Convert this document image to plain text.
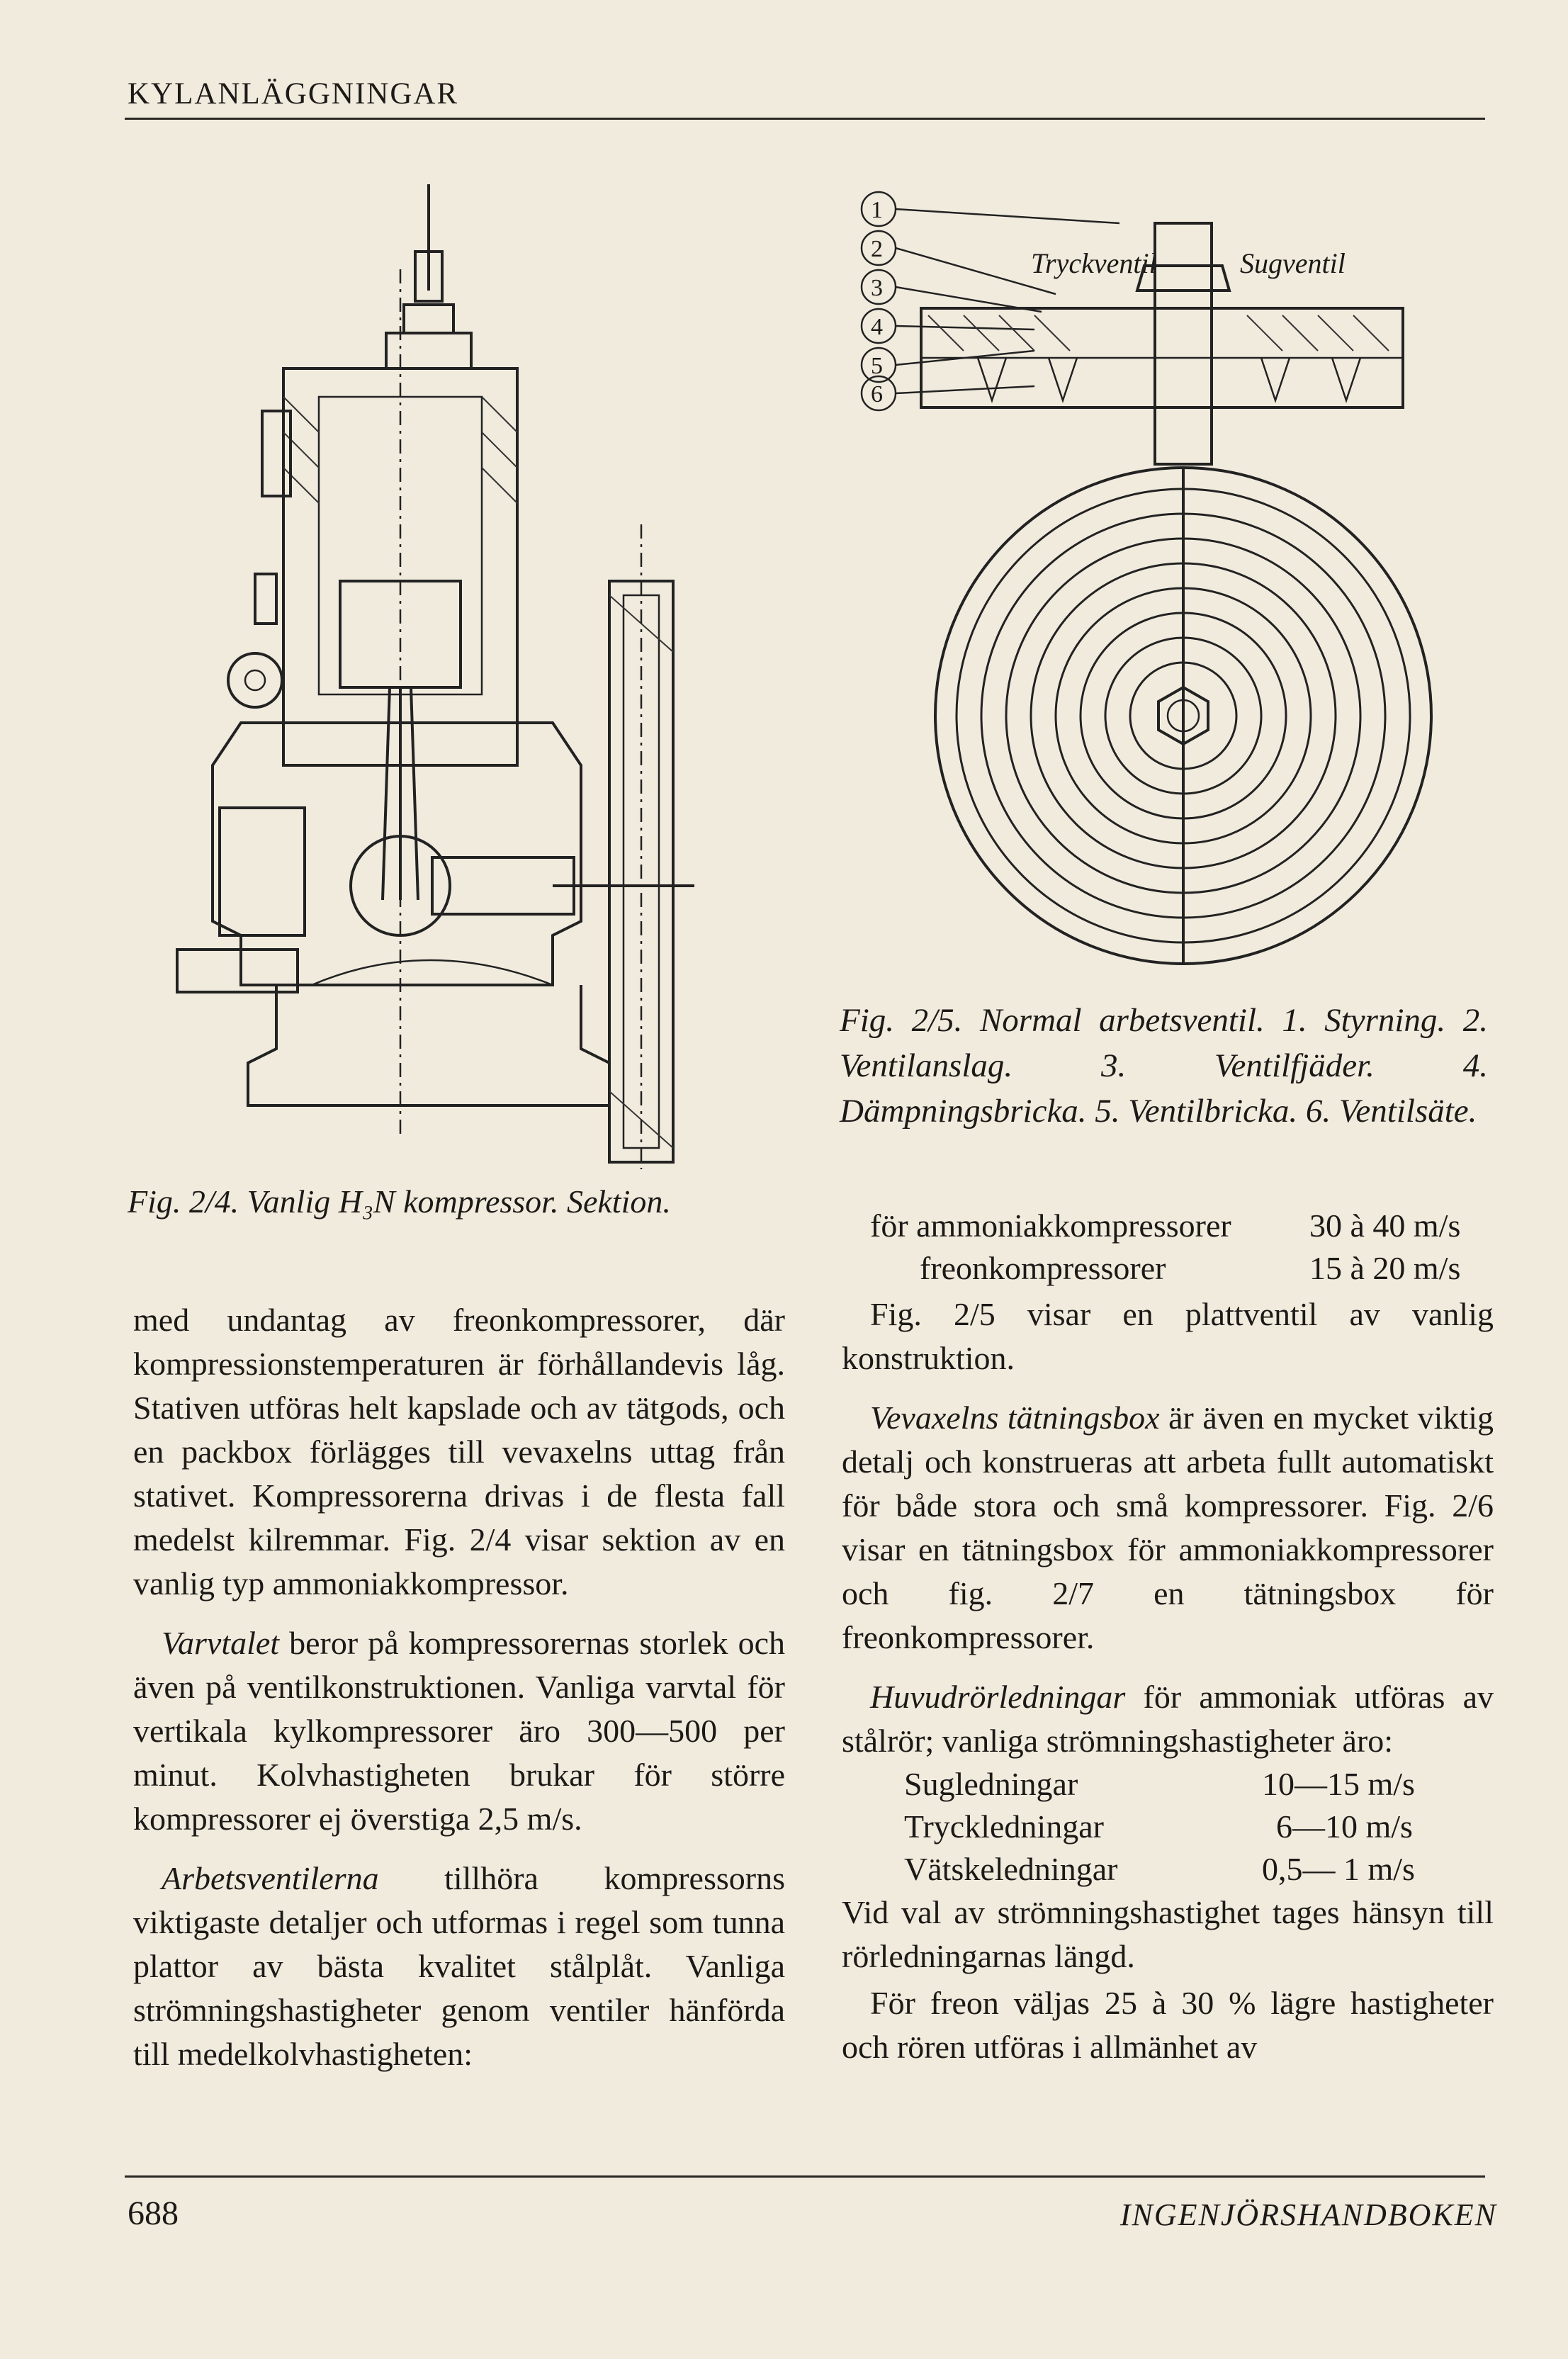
KYLANLÄGGNINGAR
Fig. 2/4. Vanlig H₃N kompressor. Sektion.
1
2
3
4
5
6
Tryckventil	Sugventil
Fig. 2/5. Normal arbetsventil. 1. Styrning. 2. Ventilanslag. 3. Ventilfjäder. 4. Dämpningsbricka. 5. Ventilbricka. 6. Ventilsäte.

med undantag av freonkompressorer, där kompressionstemperaturen är förhållandevis låg. Stativen utföras helt kapslade och av tätgods, och en packbox förlägges till vevaxelns uttag från stativet. Kompressorerna drivas i de flesta fall medelst kilremmar. Fig. 2/4 visar sektion av en vanlig typ ammoniakkompressor.

Varvtalet beror på kompressorernas storlek och även på ventilkonstruktionen. Vanliga varvtal för vertikala kylkompressorer äro 300—500 per minut. Kolvhastigheten brukar för större kompressorer ej överstiga 2,5 m/s.

Arbetsventilerna tillhöra kompressorns viktigaste detaljer och utformas i regel som tunna plattor av bästa kvalitet stålplåt. Vanliga strömningshastigheter genom ventiler hänförda till medelkolvhastigheten:

för ammoniakkompressorer	30 à 40 m/s
freonkompressorer	15 à 20 m/s

Fig. 2/5 visar en plattventil av vanlig konstruktion.

Vevaxelns tätningsbox är även en mycket viktig detalj och konstrueras att arbeta fullt automatiskt för både stora och små kompressorer. Fig. 2/6 visar en tätningsbox för ammoniakkompressorer och fig. 2/7 en tätningsbox för freonkompressorer.

Huvudrörledningar för ammoniak utföras av stålrör; vanliga strömningshastigheter äro:

Sugledningar	10—15 m/s
Tryckledningar	6—10 m/s
Vätskeledningar	0,5— 1 m/s

Vid val av strömningshastighet tages hänsyn till rörledningarnas längd.

För freon väljas 25 à 30 % lägre hastigheter och rören utföras i allmänhet av

688	INGENJÖRSHANDBOKEN
